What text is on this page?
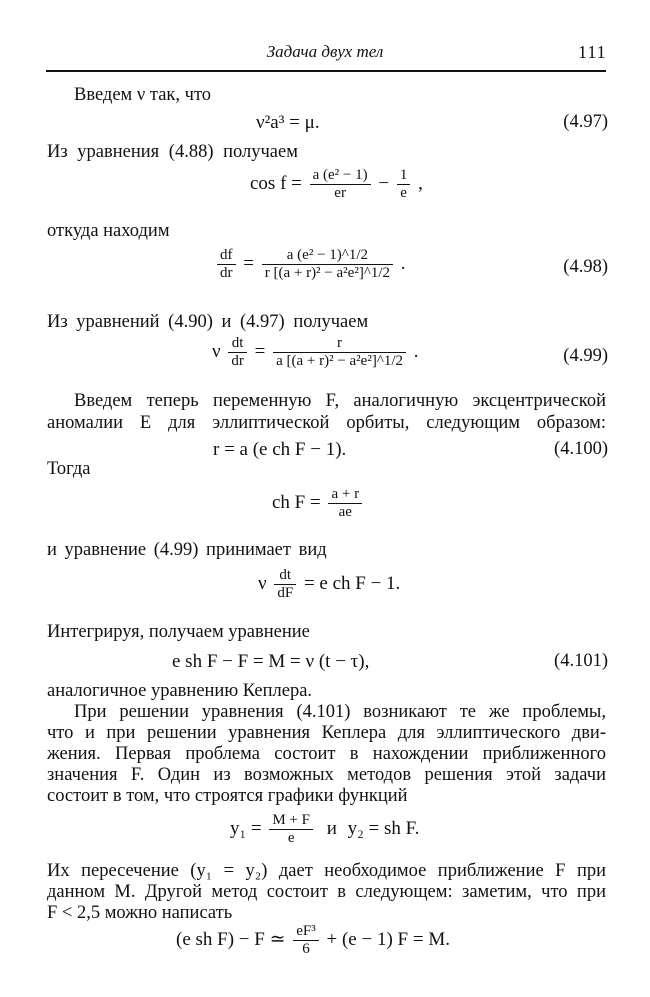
Задача двух тел	111
Введем ν так, что
ν²a³ = μ.	(4.97)
Из уравнения (4.88) получаем
$\cos f = \frac{\text{a (e² − 1)}}{er} - \frac{1}{e}$ ,
откуда находим
$\frac{df}{dr} = \frac{\text{a (e² − 1)\textasciicircum{}1/2}}{\text{r [(a + r)² − a²e²]\textasciicircum{}1/2}}$ .	(4.98)
Из уравнений (4.90) и (4.97) получаем
ν $\frac{dt}{dr} = \frac{r}{\text{a [(a + r)² − a²e²]\textasciicircum{}1/2}}$ .	(4.99)
Введем теперь переменную F, аналогичную эксцентрической
аномалии E для эллиптической орбиты, следующим образом:
r = a (e ch F − 1).	(4.100)
Тогда
ch $F = \frac{a + r}{ae}$
и уравнение (4.99) принимает вид
ν $\frac{dt}{dF} = e$ ch F − 1.
Интегрируя, получаем уравнение
e sh F − F = M = ν (t − τ),	(4.101)
аналогичное уравнению Кеплера.
При решении уравнения (4.101) возникают те же проблемы,
что и при решении уравнения Кеплера для эллиптического дви-
жения. Первая проблема состоит в нахождении приближенного
значения F. Один из возможных методов решения этой задачи
состоит в том, что строятся графики функций
$y_1 = \frac{M + F}{e}$ и y₂ = sh F.
Их пересечение (y₁ = y₂) дает необходимое приближение F при
данном M. Другой метод состоит в следующем: заметим, что при
F < 2,5 можно написать
(e sh F) − F ≃ $\frac{\text{eF³}}{6} + (e - 1) F = M$.
